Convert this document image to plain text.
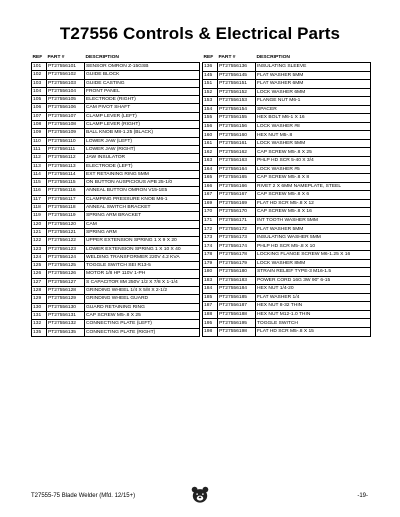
T27556 Controls & Electrical Parts
REF	PART #	DESCRIPTION
101	PT27556101	SENSOR OMRON Z-15GSB
102	PT27556102	GUIDE BLOCK
103	PT27556103	GUIDE CASTING
104	PT27556104	FRONT PANEL
105	PT27556105	ELECTRODE (RIGHT)
106	PT27556106	CAM PIVOT SHAFT
107	PT27556107	CLAMP LEVER (LEFT)
108	PT27556108	CLAMP LEVER (RIGHT)
109	PT27556109	BALL KNOB M8-1.25 (BLACK)
110	PT27556110	LOWER JAW (LEFT)
111	PT27556111	LOWER JAW (RIGHT)
112	PT27556112	JAW INSULATOR
113	PT27556113	ELECTRODE (LEFT)
114	PT27556114	EXT RETAINING RING 5MM
115	PT27556115	ON BUTTON AUSPICIOUS APB 25-1/0
116	PT27556116	ANNEAL BUTTON OMRON V15-1E5
117	PT27556117	CLAMPING PRESSURE KNOB M6-1
118	PT27556118	ANNEAL SWITCH BRACKET
119	PT27556119	SPRING ARM BRACKET
120	PT27556120	CAM
121	PT27556121	SPRING ARM
122	PT27556122	UPPER EXTENSION SPRING 1 X 9 X 20
123	PT27556123	LOWER EXTENSION SPRING 1 X 10 X 40
124	PT27556124	WELDING TRANSFORMER 220V 4.2 KVA
125	PT27556125	TOGGLE SWITCH SEI R13-5
126	PT27556126	MOTOR 1/8 HP 110V 1-PH
127	PT27556127	S CAPACITOR 8M 250V 1/2 X 7/8 X 1-1/4
128	PT27556128	GRINDING WHEEL 1/4 X 5/8 X 2-1/2
129	PT27556129	GRINDING WHEEL GUARD
130	PT27556130	GUARD RETAINING RING
131	PT27556131	CAP SCREW M5-.8 X 25
132	PT27556132	CONNECTING PLATE (LEFT)
135	PT27556135	CONNECTING PLATE (RIGHT)
REF	PART #	DESCRIPTION
136	PT27556136	INSULATING SLEEVE
145	PT27556145	FLAT WASHER 5MM
151	PT27556151	FLAT WASHER 6MM
152	PT27556152	LOCK WASHER 6MM
153	PT27556153	FLANGE NUT M6-1
154	PT27556154	SPACER
155	PT27556155	HEX BOLT M6-1 X 16
156	PT27556156	LOCK WASHER #8
160	PT27556160	HEX NUT M5-.8
161	PT27556161	LOCK WASHER 5MM
162	PT27556162	CAP SCREW M5-.8 X 25
163	PT27556163	PHLP HD SCR 5-40 X 3/4
164	PT27556164	LOCK WASHER #5
165	PT27556165	CAP SCREW M5-.8 X 8
166	PT27556166	RIVET 2 X 6MM NAMEPLATE, STEEL
167	PT27556167	CAP SCREW M5-.8 X 6
169	PT27556169	FLAT HD SCR M5-.8 X 12
170	PT27556170	CAP SCREW M5-.8 X 16
171	PT27556171	INT TOOTH WASHER 5MM
172	PT27556172	FLAT WASHER 5MM
173	PT27556173	INSULATING WASHER 5MM
174	PT27556174	PHLP HD SCR M5-.8 X 10
178	PT27556178	LOCKING FLANGE SCREW M6-1.25 X 16
179	PT27556179	LOCK WASHER 8MM
180	PT27556180	STRAIN RELIEF TYPE-3 M16-1.5
183	PT27556183	POWER CORD 16G 3W 90" 6-15
184	PT27556184	HEX NUT 1/4-20
185	PT27556185	FLAT WASHER 1/4
187	PT27556187	HEX NUT 8-32 THIN
188	PT27556188	HEX NUT M12-1.0 THIN
195	PT27556195	TOGGLE SWITCH
198	PT27556198	FLAT HD SCR M5-.8 X 15
T27555-75 Blade Welder (Mfd. 12/15+)	-19-
